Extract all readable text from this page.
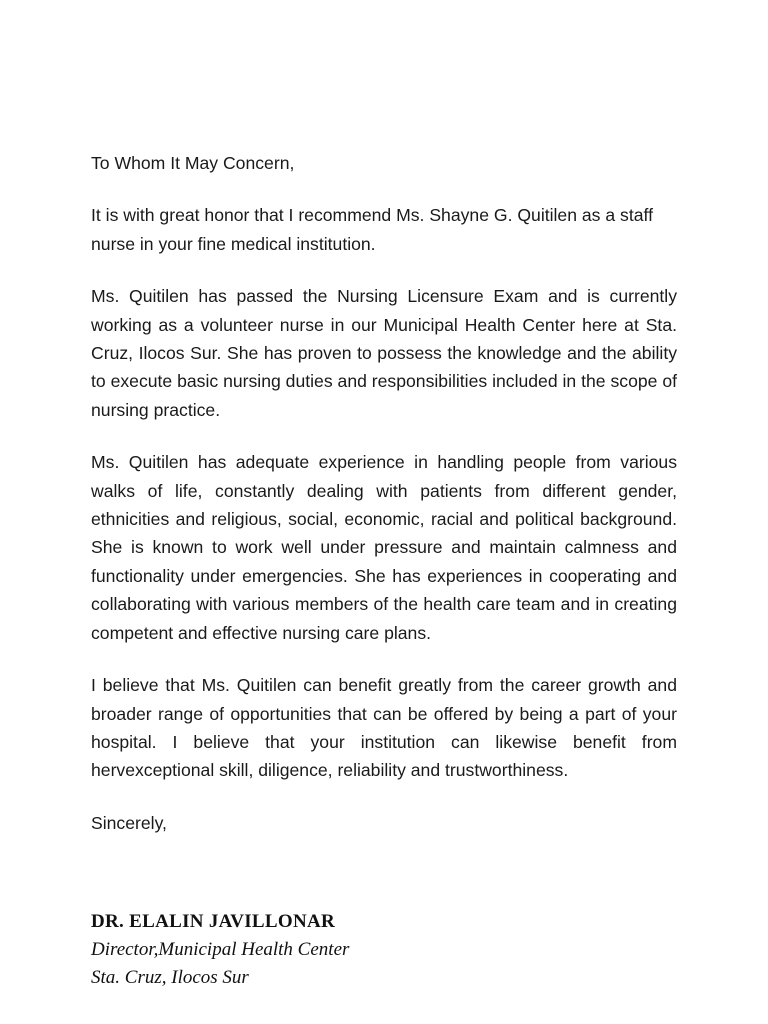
To Whom It May Concern,

It is with great honor that I recommend Ms. Shayne G. Quitilen as a staff nurse in your fine medical institution.

Ms. Quitilen has passed the Nursing Licensure Exam and is currently working as a volunteer nurse in our Municipal Health Center here at Sta. Cruz, Ilocos Sur. She has proven to possess the knowledge and the ability to execute basic nursing duties and responsibilities included in the scope of nursing practice.

Ms. Quitilen has adequate experience in handling people from various walks of life, constantly dealing with patients from different gender, ethnicities and religious, social, economic, racial and political background. She is known to work well under pressure and maintain calmness and functionality under emergencies. She has experiences in cooperating and collaborating with various members of the health care team and in creating competent and effective nursing care plans.

I believe that Ms. Quitilen can benefit greatly from the career growth and broader range of opportunities that can be offered by being a part of your hospital. I believe that your institution can likewise benefit from hervexceptional skill, diligence, reliability and trustworthiness.

Sincerely,

DR. ELALIN JAVILLONAR
Director,Municipal Health Center
Sta. Cruz, Ilocos Sur
